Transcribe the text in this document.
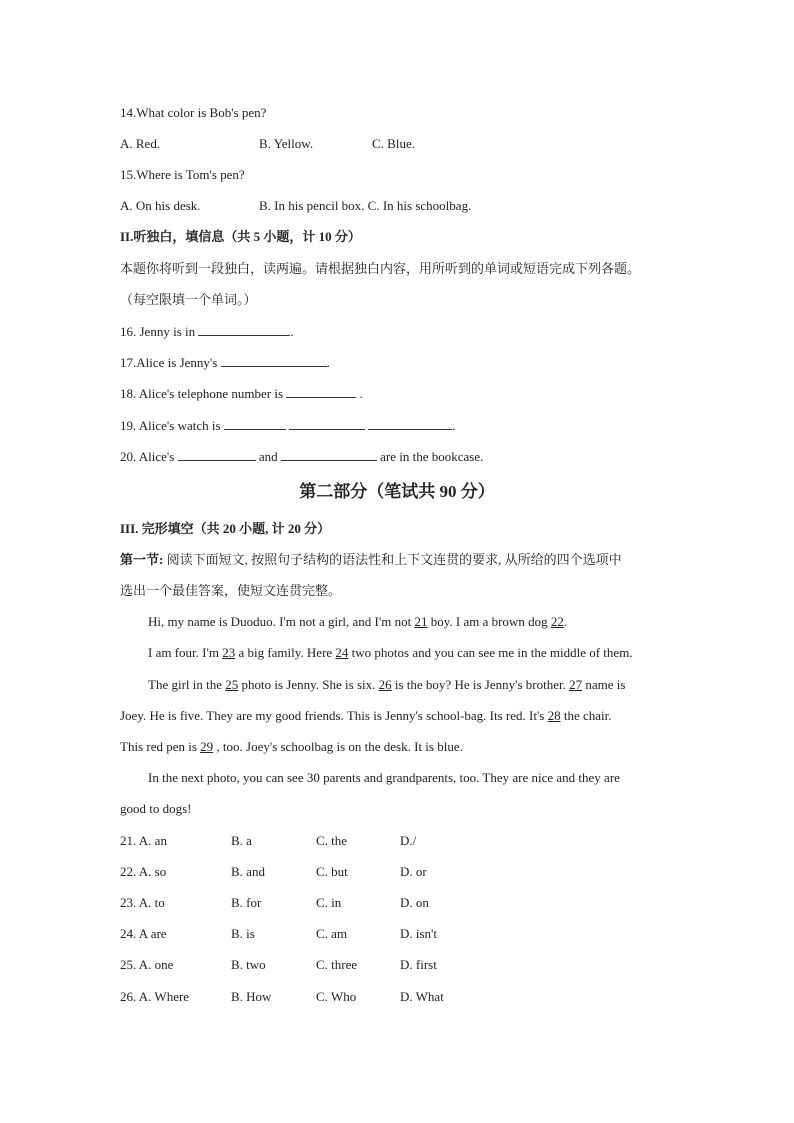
14.What color is Bob's pen?
A. Red.	B. Yellow.	C. Blue.
15.Where is Tom's pen?
A. On his desk.	B. In his pencil box. C. In his schoolbag.
II.听独白，填信息（共 5 小题，计 10 分）
本题你将听到一段独白，读两遍。请根据独白内容，用所听到的单词或短语完成下列各题。
（每空限填一个单词。）
16. Jenny is in	.
17.Alice is Jenny's	.
18. Alice's telephone number is	.
19. Alice's watch is	.
20. Alice's	and	are in the bookcase.
第二部分（笔试共 90 分）
III. 完形填空（共 20 小题, 计 20 分）
第一节: 阅读下面短文, 按照句子结构的语法性和上下文连贯的要求, 从所给的四个选项中
选出一个最佳答案，使短文连贯完整。
Hi, my name is Duoduo. I'm not a girl, and I'm not 21 boy. I am a brown dog 22.
I am four. I'm 23 a big family. Here 24 two photos and you can see me in the middle of them.
The girl in the 25 photo is Jenny. She is six. 26 is the boy? He is Jenny's brother. 27 name is
Joey. He is five. They are my good friends. This is Jenny's school-bag. Its red. It's 28 the chair.
This red pen is 29 , too. Joey's schoolbag is on the desk. It is blue.
In the next photo, you can see 30 parents and grandparents, too. They are nice and they are
good to dogs!
21. A. an	B. a	C. the	D./
22. A. so	B. and	C. but	D. or
23. A. to	B. for	C. in	D. on
24. A are	B. is	C. am	D. isn't
25. A. one	B. two	C. three	D. first
26. A. Where	B. How	C. Who	D. What
